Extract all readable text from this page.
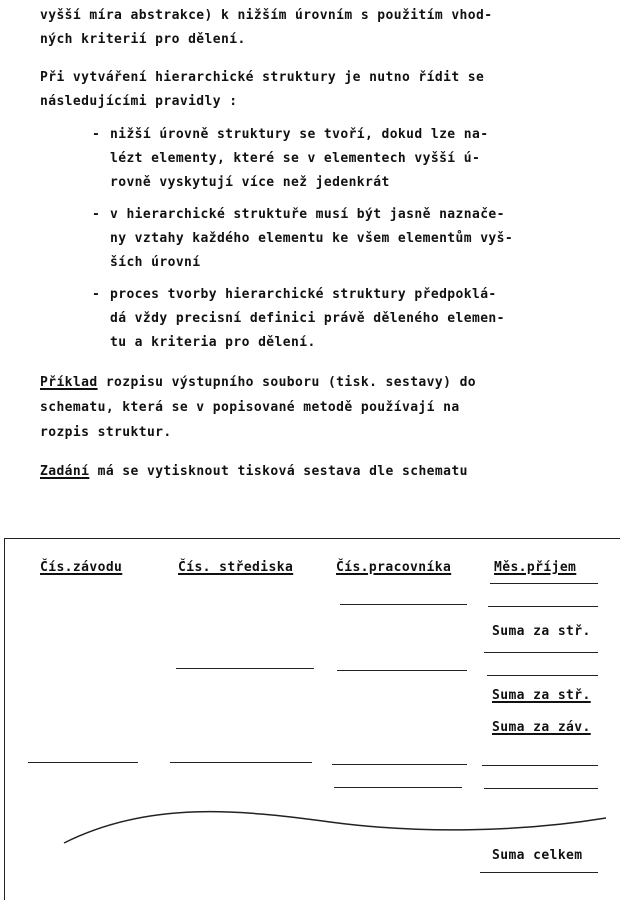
vyšší míra abstrakce) k nižším úrovním s použitím vhod-
ných kriterií pro dělení.
Při vytváření hierarchické struktury je nutno řídit se
následujícími pravidly :
- nižší úrovně struktury se tvoří, dokud lze na-
lézt elementy, které se v elementech vyšší ú-
rovně vyskytují více než jedenkrát
- v hierarchické struktuře musí být jasně naznače-
ny vztahy každého elementu ke všem elementům vyš-
ších úrovní
- proces tvorby hierarchické struktury předpoklá-
dá vždy precisní definici právě děleného elemen-
tu a kriteria pro dělení.
Příklad rozpisu výstupního souboru (tisk. sestavy) do
schematu, která se v popisované metodě používají na
rozpis struktur.
Zadání má se vytisknout tisková sestava dle schematu
Čís.závodu	Čís. střediska	Čís.pracovníka	Měs.příjem
Suma za stř.
Suma za stř.
Suma za záv.
Suma celkem
